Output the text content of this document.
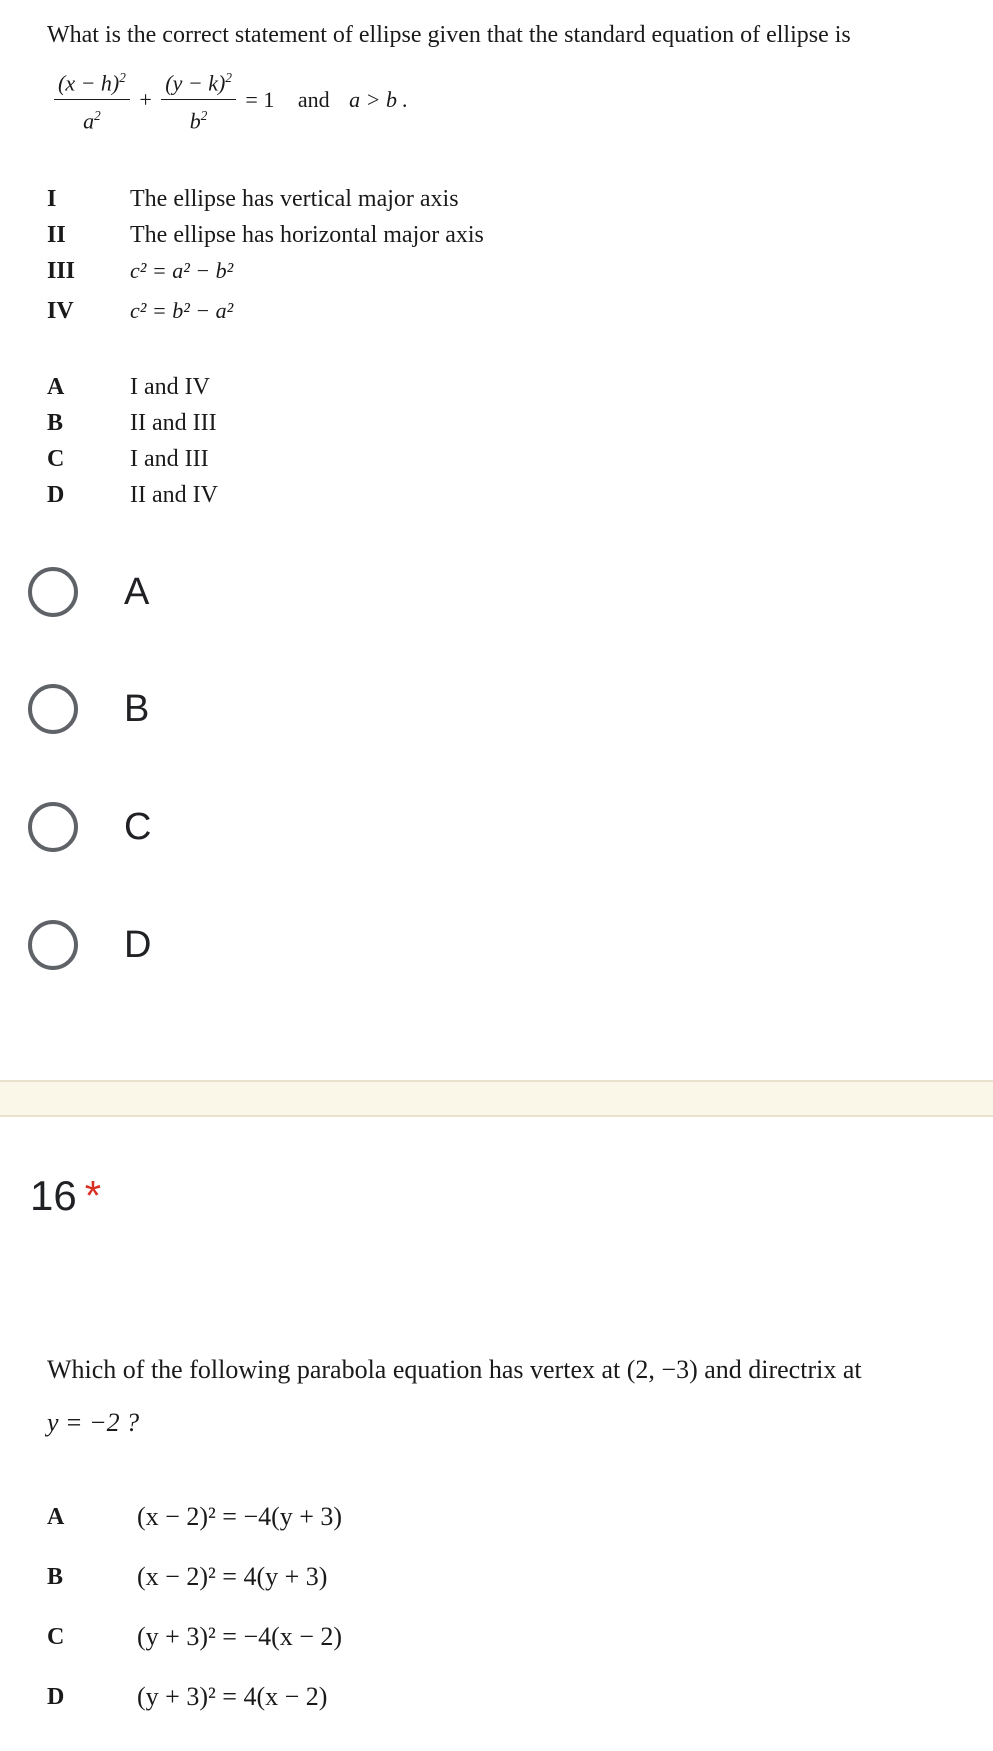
What is the correct statement of ellipse given that the standard equation of ellipse is
$\frac{(x - h)^2}{a^2} + \frac{(y - k)^2}{b^2} = 1$ and a > b .
I	The ellipse has vertical major axis
II	The ellipse has horizontal major axis
III c² = a² − b²
IV	c² = b² − a²
A	I and IV
B	II and III
C	I and III
D	II and IV
A
B
C
D
16 *
Which of the following parabola equation has vertex at (2, −3) and directrix at
y = −2 ?
A	(x − 2)² = −4(y + 3)
B	(x − 2)² = 4(y + 3)
C	(y + 3)² = −4(x − 2)
D	(y + 3)² = 4(x − 2)
